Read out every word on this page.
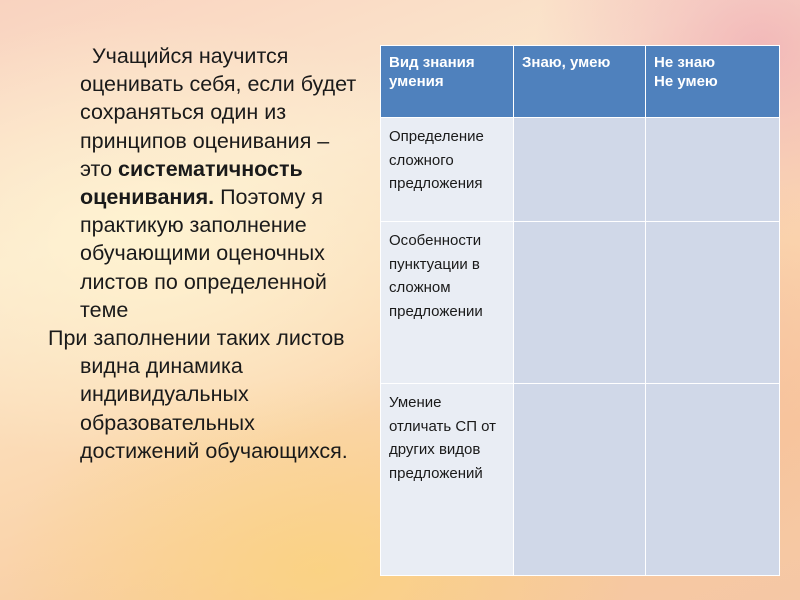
Учащийся научится оценивать себя, если будет сохраняться один из принципов оценивания – это систематичность оценивания. Поэтому я практикую заполнение обучающими оценочных листов по определенной теме

При заполнении таких листов видна динамика индивидуальных образовательных достижений обучающихся.

Вид знания умения	Знаю, умею	Не знаю
Не умею
Определение сложного предложения		
Особенности пунктуации в сложном предложении		
Умение отличать СП от других видов предложений		
